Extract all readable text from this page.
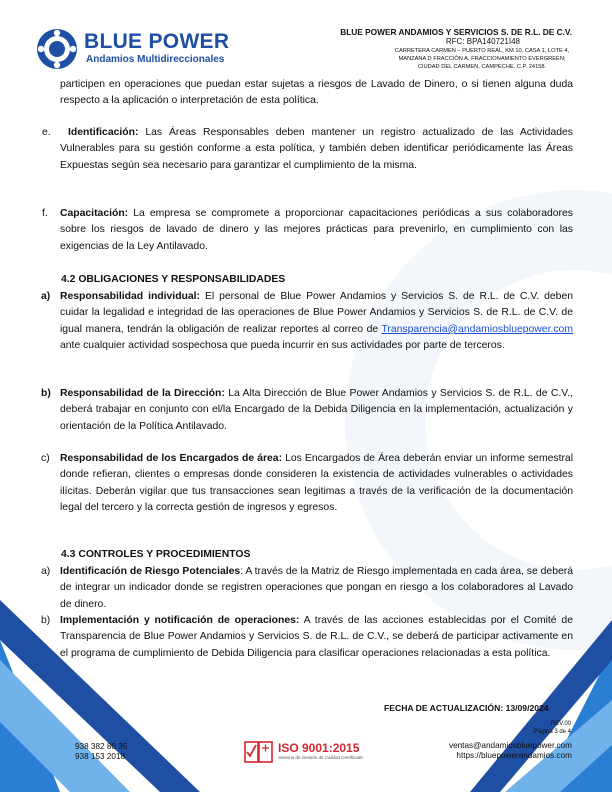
BLUE POWER
Andamios Multidireccionales
BLUE POWER ANDAMIOS Y SERVICIOS S. DE R.L. DE C.V.
RFC: BPA140721I48
CARRETERA CARMEN – PUERTO REAL, KM 10, CASA 1, LOTE 4,
MANZANA D FRACCIÓN A, FRACCIONAMIENTO EVERGREEN;
CIUDAD DEL CARMEN, CAMPECHE. C.P. 24158.
participen en operaciones que puedan estar sujetas a riesgos de Lavado de Dinero, o si tienen alguna duda respecto a la aplicación o interpretación de esta política.
e.	Identificación: Las Áreas Responsables deben mantener un registro actualizado de las Actividades Vulnerables para su gestión conforme a esta política, y también deben identificar periódicamente las Áreas Expuestas según sea necesario para garantizar el cumplimiento de la misma.
f. Capacitación: La empresa se compromete a proporcionar capacitaciones periódicas a sus colaboradores sobre los riesgos de lavado de dinero y las mejores prácticas para prevenirlo, en cumplimiento con las exigencias de la Ley Antilavado.
4.2 OBLIGACIONES Y RESPONSABILIDADES
a) Responsabilidad individual: El personal de Blue Power Andamios y Servicios S. de R.L. de C.V. deben cuidar la legalidad e integridad de las operaciones de Blue Power Andamios y Servicios S. de R.L. de C.V. de igual manera, tendrán la obligación de realizar reportes al correo de Transparencia@andamiosbluepower.com ante cualquier actividad sospechosa que pueda incurrir en sus actividades por parte de terceros.
b) Responsabilidad de la Dirección: La Alta Dirección de Blue Power Andamios y Servicios S. de R.L. de C.V., deberá trabajar en conjunto con el/la Encargado de la Debida Diligencia en la implementación, actualización y orientación de la Política Antilavado.
c) Responsabilidad de los Encargados de área: Los Encargados de Área deberán enviar un informe semestral donde refieran, clientes o empresas donde consideren la existencia de actividades vulnerables o actividades ilícitas. Deberán vigilar que tus transacciones sean legitimas a través de la verificación de la documentación legal del tercero y la correcta gestión de ingresos y egresos.
4.3 CONTROLES Y PROCEDIMIENTOS
a) Identificación de Riesgo Potenciales: A través de la Matriz de Riesgo implementada en cada área, se deberá de integrar un indicador donde se registren operaciones que pongan en riesgo a los colaboradores al Lavado de dinero.
b) Implementación y notificación de operaciones: A través de las acciones establecidas por el Comité de Transparencia de Blue Power Andamios y Servicios S. de R.L. de C.V., se deberá de participar activamente en el programa de cumplimiento de Debida Diligencia para clasificar operaciones relacionadas a esta política.
FECHA DE ACTUALIZACIÓN: 13/09/2024
REV.00
Página 3 de 4
938 382 80 35
938 153 2018
ISO 9001:2015
Sistema de Gestión de Calidad Certificado
ventas@andamiosbluepower.com
https://bluepowerandamios.com
